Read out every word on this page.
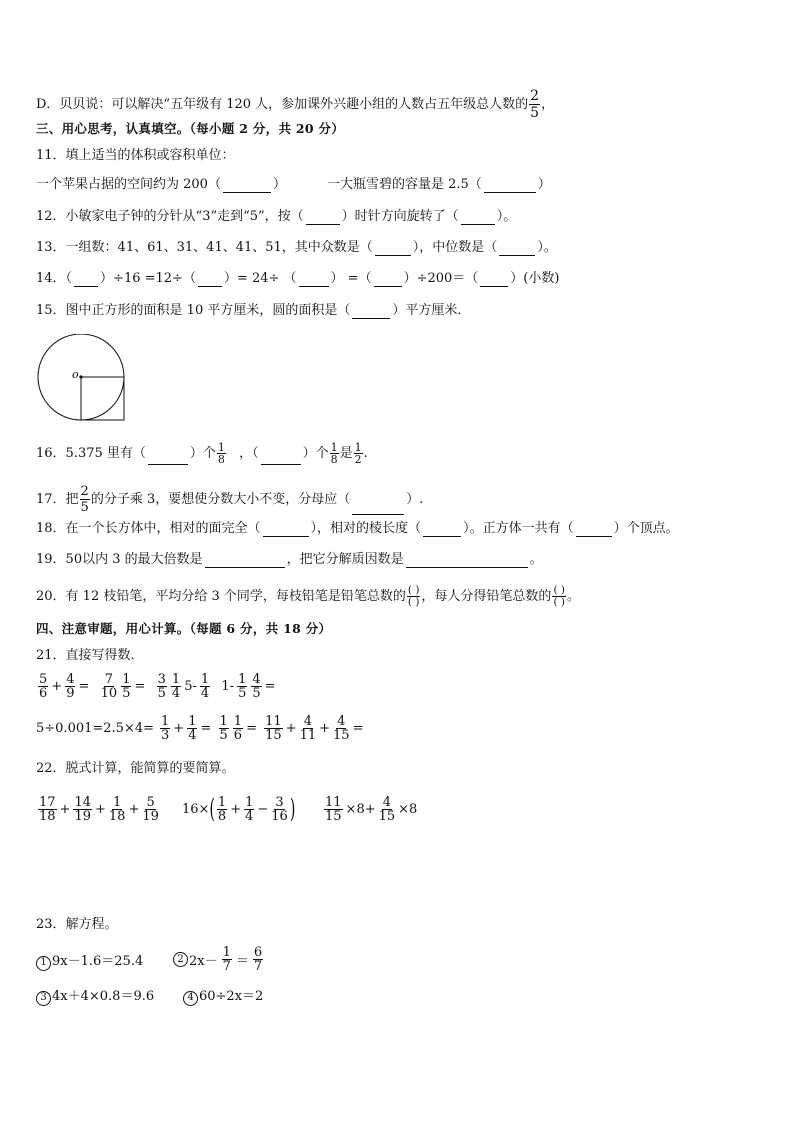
D．贝贝说：可以解决“五年级有 120 人，参加课外兴趣小组的人数占五年级总人数的 $\frac{2}{5}$ ，
三、用心思考，认真填空。（每小题 2 分，共 20 分）
11．填上适当的体积或容积单位：
一个苹果占据的空间约为 200（	）	一大瓶雪碧的容量是 2.5（	）
12．小敏家电子钟的分针从“3”走到“5”，按（	）时针方向旋转了（	）。
13．一组数：41、61、31、41、41、51，其中众数是（	），中位数是（	）。
14．（ ）÷16 =12÷（ ）= 24÷ （	） =（ ）÷200＝（ ）(小数)
15．图中正方形的面积是 10 平方厘米，圆的面积是（	）平方厘米．
o
16．5.375 里有（	）个 $\frac{1}{8}$ ，（	）个 $\frac{1}{8}$ 是 $\frac{1}{2}$ .
17．把 $\frac{2}{5}$ 的分子乘 3，要想使分数大小不变，分母应（	）.
18．在一个长方体中，相对的面完全（	），相对的棱长度（	）。正方体一共有（	）个顶点。
19．50以内 3 的最大倍数是	，把它分解质因数是	。
20．有 12 枝铅笔，平均分给 3 个同学，每枝铅笔是铅笔总数的 $\frac{( )}{( )}$ ，每人分得铅笔总数的 $\frac{( )}{( )}$ 。
四、注意审题，用心计算。（每题 6 分，共 18 分）
21．直接写得数．
$\frac{5}{6} + \frac{4}{9} = \frac{7}{10} \frac{1}{5} = \frac{3}{5} \frac{1}{4} 5- \frac{1}{4} 1- \frac{1}{5} \frac{4}{5}$ =
$5\div 0.001=2.5\times 4= \frac{1}{3} + \frac{1}{4} = \frac{1}{5} \frac{1}{6} = \frac{11}{15} + \frac{4}{11} + \frac{4}{15}$ =
22．脱式计算，能简算的要简算。
$\frac{17}{18} + \frac{14}{19} + \frac{1}{18} + \frac{5}{19} 16\times$ ( $\frac{1}{8} + \frac{1}{4} - \frac{3}{16}$ ) $\frac{11}{15} \times 8+ \frac{4}{15} \times 8$
23．解方程。
1 9x－1.6＝25.4	2 $2x- \frac{1}{7} = \frac{6}{7}$
3 4x＋4×0.8＝9.6	4 60÷2x＝2
